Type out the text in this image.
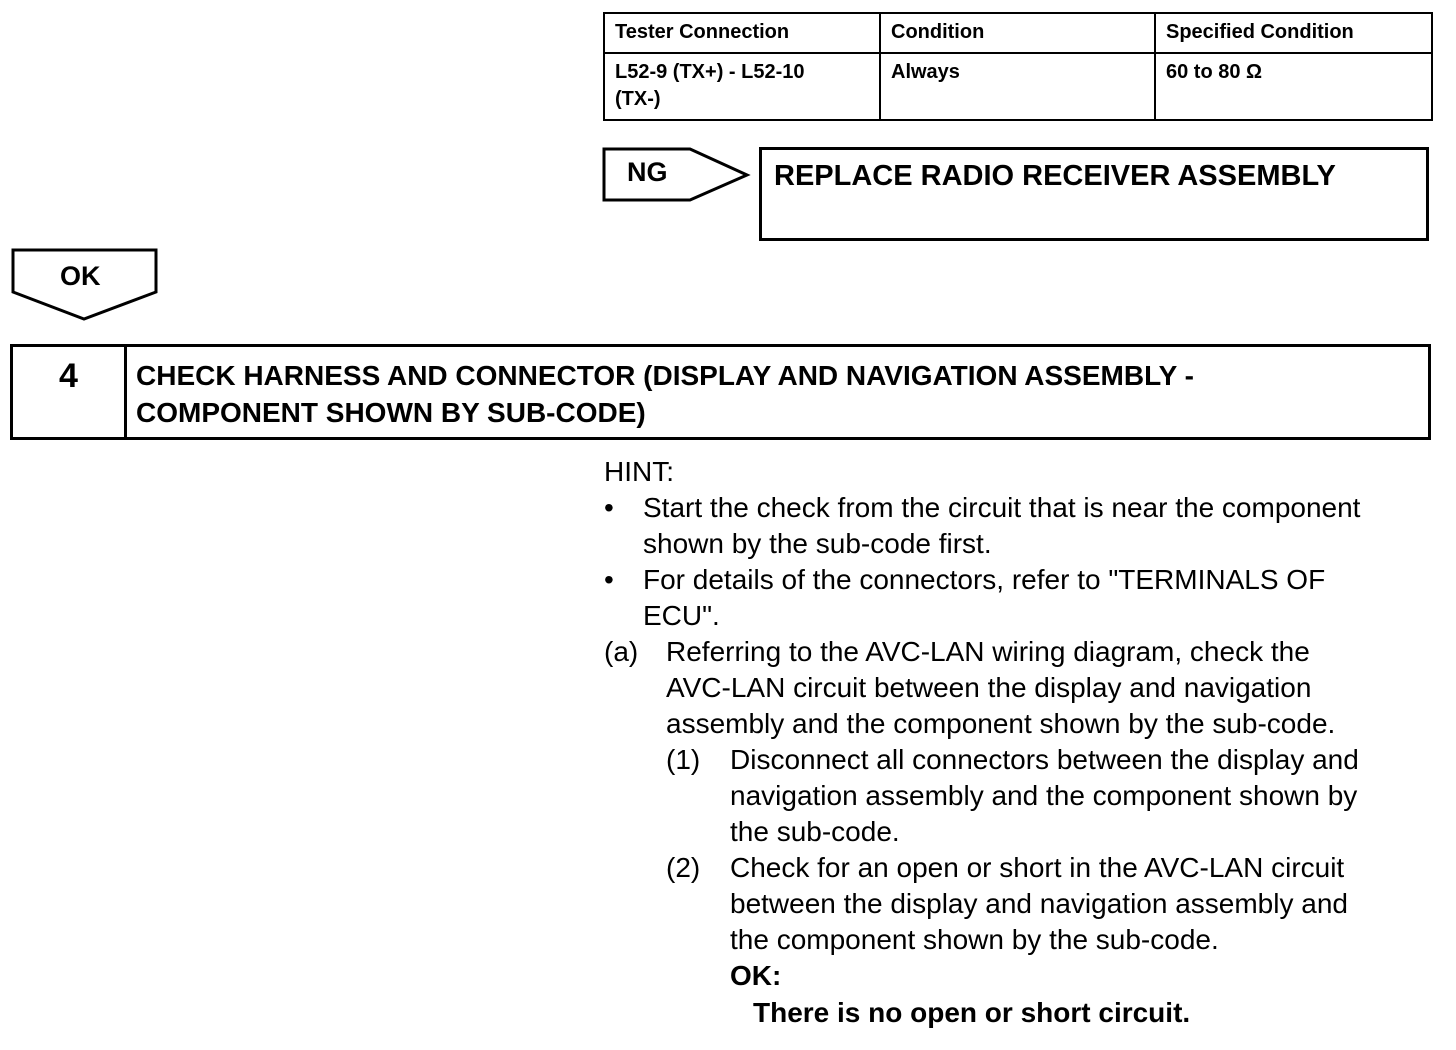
Tester Connection	Condition	Specified Condition
L52-9 (TX+) - L52-10
(TX-)	Always	60 to 80 Ω
NG	REPLACE RADIO RECEIVER ASSEMBLY
OK
4	CHECK HARNESS AND CONNECTOR (DISPLAY AND NAVIGATION ASSEMBLY -
COMPONENT SHOWN BY SUB-CODE)
HINT:
• Start the check from the circuit that is near the component
shown by the sub-code first.
• For details of the connectors, refer to "TERMINALS OF
ECU".
(a) Referring to the AVC-LAN wiring diagram, check the
AVC-LAN circuit between the display and navigation
assembly and the component shown by the sub-code.
(1) Disconnect all connectors between the display and
navigation assembly and the component shown by
the sub-code.
(2) Check for an open or short in the AVC-LAN circuit
between the display and navigation assembly and
the component shown by the sub-code.
OK:
There is no open or short circuit.
